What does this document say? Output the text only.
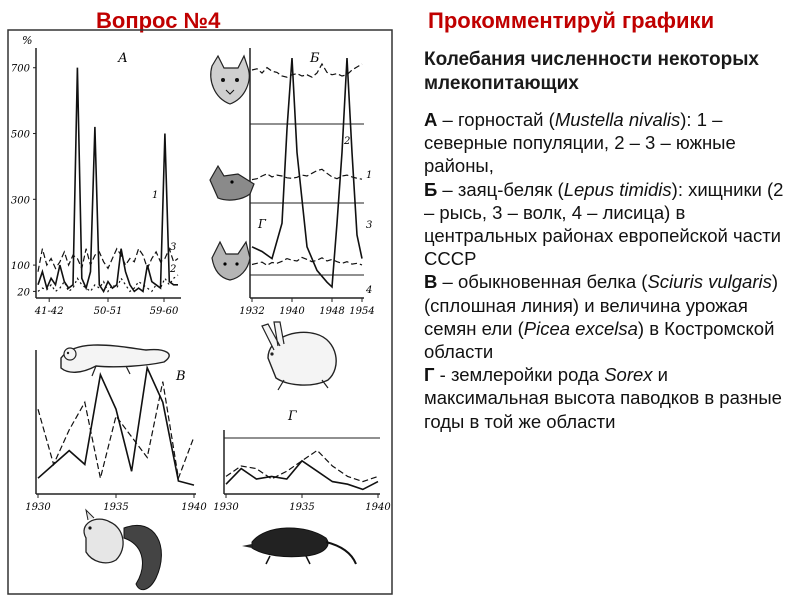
Вопрос №4	Прокомментируй графики
%
А
700
500
300
100
20
41-42	50-51	59-60
1
2
3
Б
Г
1932 1940 1948 1954
2
3
4
1
В
1930	1935	1940
Г
1930	1935	1940
Колебания численности некоторых млекопитающих
А – горностай (Mustella nivalis): 1 – северные популяции, 2 – 3 – южные районы,
Б – заяц-беляк (Lepus timidis): хищники (2 – рысь, 3 – волк, 4 – лисица) в центральных районах европейской части СССР
В – обыкновенная белка (Sciuris vulgaris) (сплошная линия) и величина урожая семян ели (Picea excelsa) в Костромской области
Г - землеройки рода Sorex и максимальная высота паводков в разные годы в той же области
